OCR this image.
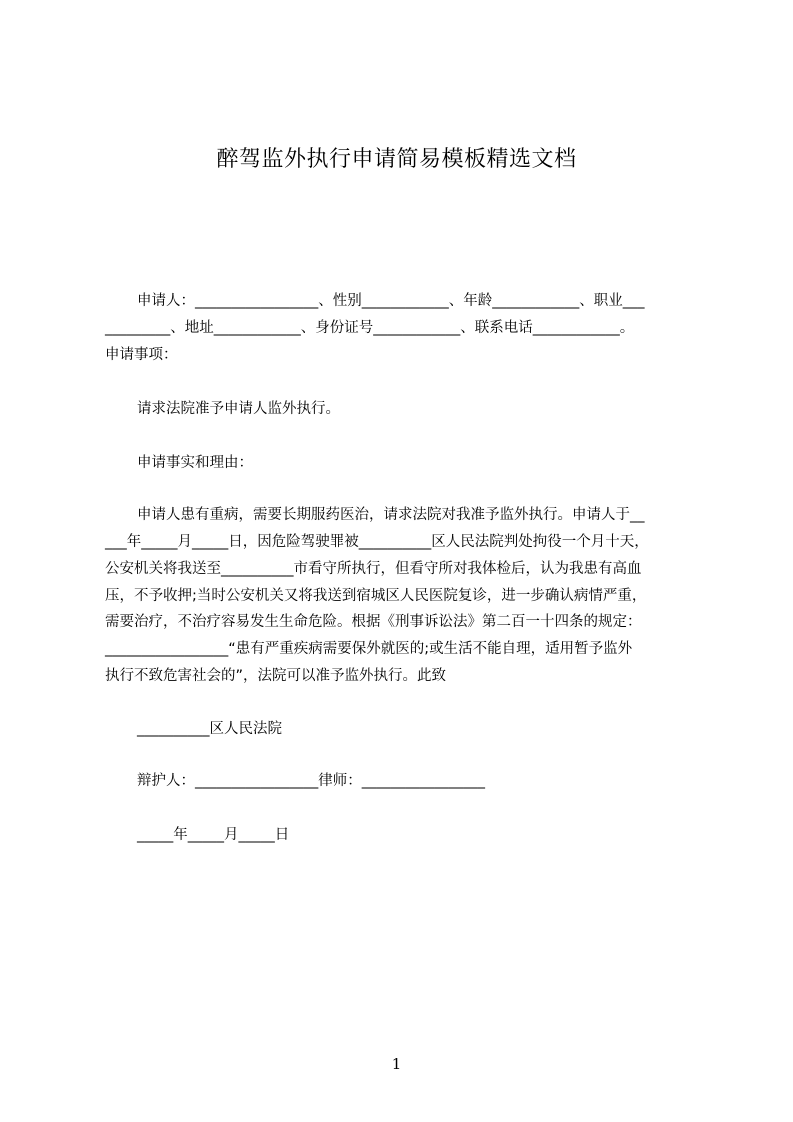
醉驾监外执行申请简易模板精选文档
申请人：_________________、性别____________、年龄____________、职业___
_________、地址____________、身份证号____________、联系电话____________。
申请事项：
请求法院准予申请人监外执行。
申请事实和理由：
申请人患有重病，需要长期服药医治，请求法院对我准予监外执行。申请人于__
___年_____月_____日，因危险驾驶罪被__________区人民法院判处拘役一个月十天，
公安机关将我送至__________市看守所执行，但看守所对我体检后，认为我患有高血
压，不予收押;当时公安机关又将我送到宿城区人民医院复诊，进一步确认病情严重，
需要治疗，不治疗容易发生生命危险。根据《刑事诉讼法》第二百一十四条的规定：
_________________“患有严重疾病需要保外就医的;或生活不能自理，适用暂予监外
执行不致危害社会的”，法院可以准予监外执行。此致
__________区人民法院
辩护人：_________________律师：_________________
_____年_____月_____日
1
